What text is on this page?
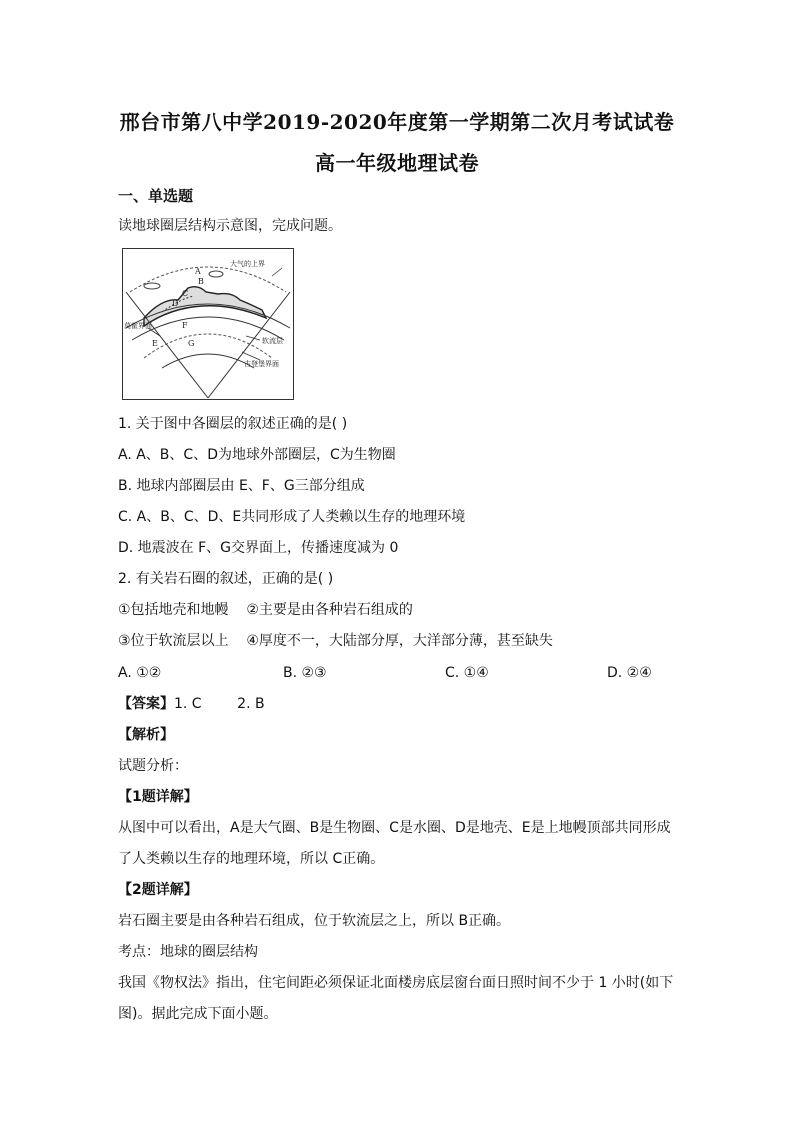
邢台市第八中学2019-2020年度第一学期第二次月考试试卷
高一年级地理试卷
一、单选题
读地球圈层结构示意图，完成问题。
大气的上界
A
B
C
D
F
G
E
莫霍界面
软流层
古登堡界面
1. 关于图中各圈层的叙述正确的是( )
A. A、B、C、D为地球外部圈层，C为生物圈
B. 地球内部圈层由 E、F、G三部分组成
C. A、B、C、D、E共同形成了人类赖以生存的地理环境
D. 地震波在 F、G交界面上，传播速度减为 0
2. 有关岩石圈的叙述，正确的是( )
①包括地壳和地幔    ②主要是由各种岩石组成的
③位于软流层以上    ④厚度不一，大陆部分厚，大洋部分薄，甚至缺失
A. ①②	B. ②③	C. ①④	D. ②④
【答案】1. C        2. B
【解析】
试题分析：
【1题详解】
从图中可以看出，A是大气圈、B是生物圈、C是水圈、D是地壳、E是上地幔顶部共同形成
了人类赖以生存的地理环境，所以 C正确。
【2题详解】
岩石圈主要是由各种岩石组成，位于软流层之上，所以 B正确。
考点：地球的圈层结构
我国《物权法》指出，住宅间距必须保证北面楼房底层窗台面日照时间不少于 1 小时(如下
图)。据此完成下面小题。
